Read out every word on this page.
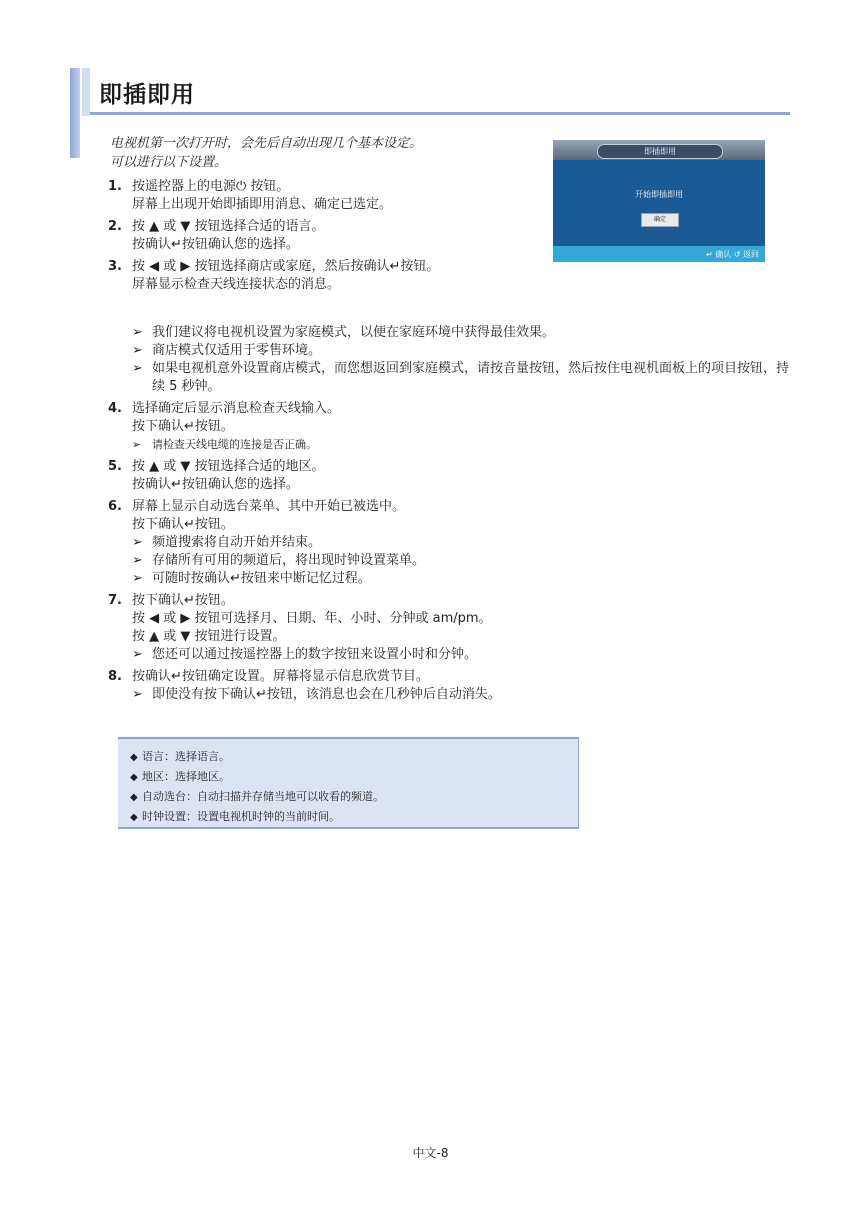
即插即用
电视机第一次打开时，会先后自动出现几个基本设定。
可以进行以下设置。
1. 按遥控器上的电源⏻ 按钮。
屏幕上出现开始即插即用消息、确定已选定。
2. 按 ▲ 或 ▼ 按钮选择合适的语言。
按确认↵按钮确认您的选择。
3. 按 ◀ 或 ▶ 按钮选择商店或家庭，然后按确认↵按钮。
屏幕显示检查天线连接状态的消息。
➢ 我们建议将电视机设置为家庭模式，以便在家庭环境中获得最佳效果。
➢ 商店模式仅适用于零售环境。
➢ 如果电视机意外设置商店模式，而您想返回到家庭模式，请按音量按钮，然后按住电视机面板上的项目按钮，持续 5 秒钟。
4. 选择确定后显示消息检查天线输入。
按下确认↵按钮。
➢ 请检查天线电缆的连接是否正确。
5. 按 ▲ 或 ▼ 按钮选择合适的地区。
按确认↵按钮确认您的选择。
6. 屏幕上显示自动选台菜单、其中开始已被选中。
按下确认↵按钮。
➢ 频道搜索将自动开始并结束。
➢ 存储所有可用的频道后，将出现时钟设置菜单。
➢ 可随时按确认↵按钮来中断记忆过程。
7. 按下确认↵按钮。
按 ◀ 或 ▶ 按钮可选择月、日期、年、小时、分钟或 am/pm。
按 ▲ 或 ▼ 按钮进行设置。
➢ 您还可以通过按遥控器上的数字按钮来设置小时和分钟。
8. 按确认↵按钮确定设置。屏幕将显示信息欣赏节目。
➢ 即使没有按下确认↵按钮，该消息也会在几秒钟后自动消失。
即插即用
开始即插即用
确定
↵ 确认 ↺ 返回
◆ 语言：选择语言。
◆ 地区：选择地区。
◆ 自动选台：自动扫描并存储当地可以收看的频道。
◆ 时钟设置：设置电视机时钟的当前时间。
中文-8
